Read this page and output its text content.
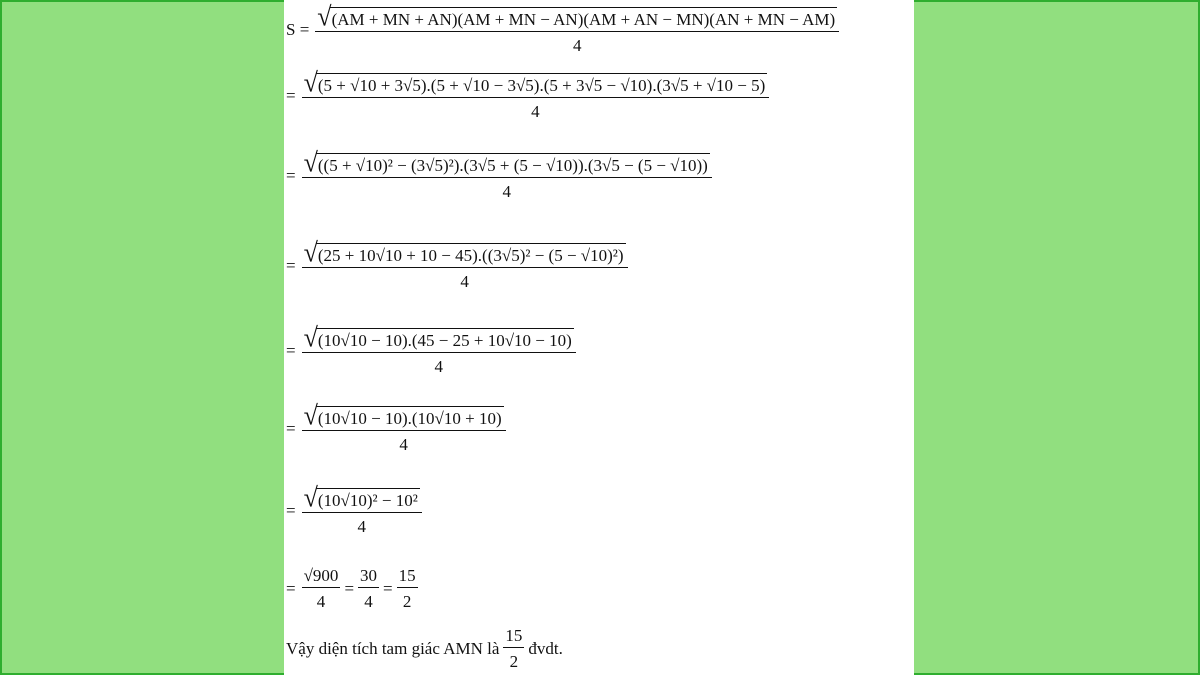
S = √ (AM + MN + AN)(AM + MN − AN)(AM + AN − MN)(AN + MN − AM)
4
= √ (5 + √10 + 3√5).(5 + √10 − 3√5).(5 + 3√5 − √10).(3√5 + √10 − 5)
4
= √ ((5 + √10)² − (3√5)²).(3√5 + (5 − √10)).(3√5 − (5 − √10))
4
= $\frac{\text{√ (25 + 10√10 + 10 − 45).((3√5)² − (5 − √10)²)}}{4}$
= $\frac{√ (10√10 - 10).(45 - 25 + 10√10 - 10)}{4}$
= $\frac{√ (10√10 - 10).(10√10 + 10)}{4}$
= $\frac{\text{√ (10√10)² − 10²}}{4}$
= $\frac{√900}{4} = \frac{30}{4} = \frac{15}{2}$
Vậy diện tích tam giác AMN là $\frac{15}{2}$ đvdt.
